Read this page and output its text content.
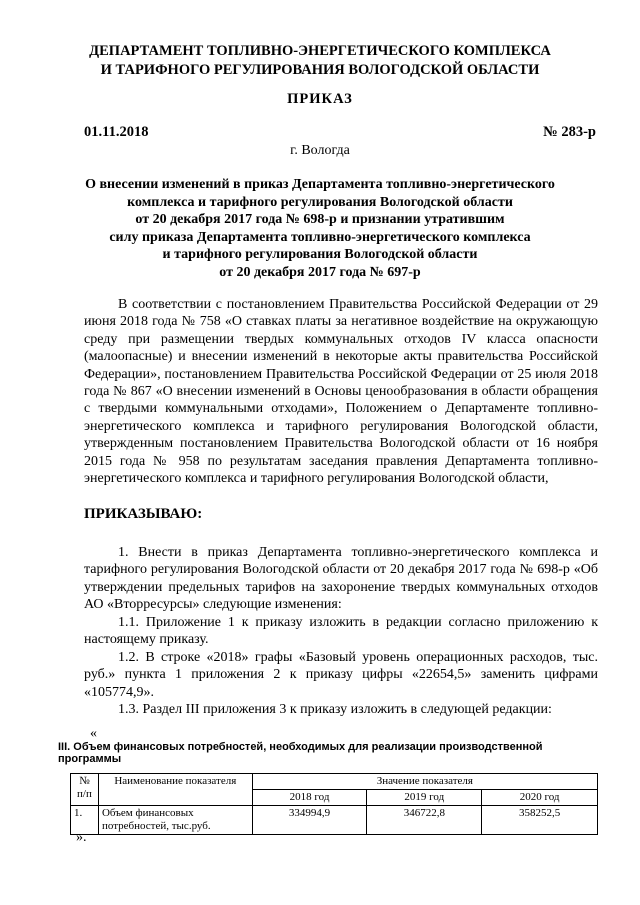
ДЕПАРТАМЕНТ ТОПЛИВНО-ЭНЕРГЕТИЧЕСКОГО КОМПЛЕКСА
И ТАРИФНОГО РЕГУЛИРОВАНИЯ ВОЛОГОДСКОЙ ОБЛАСТИ
ПРИКАЗ
01.11.2018	№ 283-р
г. Вологда
О внесении изменений в приказ Департамента топливно-энергетического
комплекса и тарифного регулирования Вологодской области
от 20 декабря 2017 года № 698-р и признании утратившим
силу приказа Департамента топливно-энергетического комплекса
и тарифного регулирования Вологодской области
от 20 декабря 2017 года № 697-р
В соответствии с постановлением Правительства Российской Федерации от 29 июня 2018 года № 758 «О ставках платы за негативное воздействие на окружающую среду при размещении твердых коммунальных отходов IV класса опасности (малоопасные) и внесении изменений в некоторые акты правительства Российской Федерации», постановлением Правительства Российской Федерации от 25 июля 2018 года № 867 «О внесении изменений в Основы ценообразования в области обращения с твердыми коммунальными отходами», Положением о Департаменте топливно-энергетического комплекса и тарифного регулирования Вологодской области, утвержденным постановлением Правительства Вологодской области от 16 ноября 2015 года № 958 по результатам заседания правления Департамента топливно-энергетического комплекса и тарифного регулирования Вологодской области,
ПРИКАЗЫВАЮ:
1. Внести в приказ Департамента топливно-энергетического комплекса и тарифного регулирования Вологодской области от 20 декабря 2017 года № 698-р «Об утверждении предельных тарифов на захоронение твердых коммунальных отходов АО «Вторресурсы» следующие изменения:
1.1. Приложение 1 к приказу изложить в редакции согласно приложению к настоящему приказу.
1.2. В строке «2018» графы «Базовый уровень операционных расходов, тыс. руб.» пункта 1 приложения 2 к приказу цифры «22654,5» заменить цифрами «105774,9».
1.3. Раздел III приложения 3 к приказу изложить в следующей редакции:
«
III. Объем финансовых потребностей, необходимых для реализации производственной программы
№ п/п	Наименование показателя	Значение показателя		
		2018 год	2019 год	2020 год
1.	Объем финансовых потребностей, тыс.руб.	334994,9	346722,8	358252,5
».
